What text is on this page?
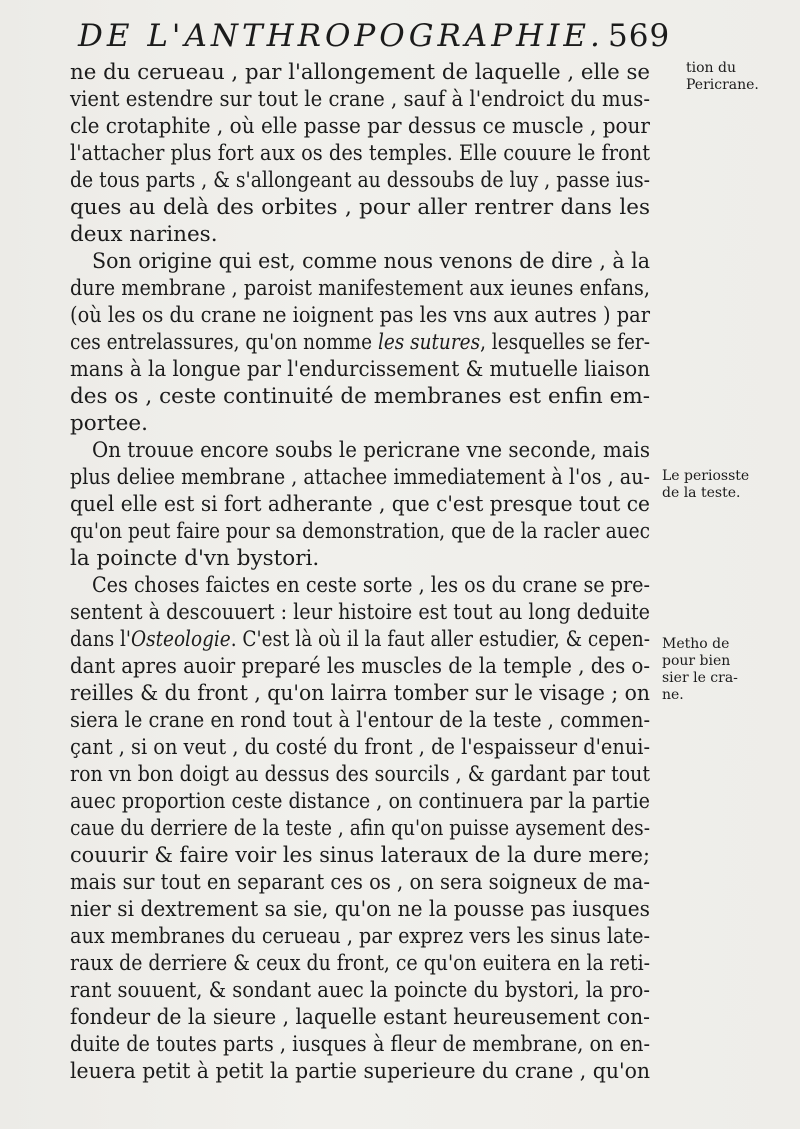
DE L'ANTHROPOGRAPHIE. 569
ne du cerueau , par l'allongement de laquelle , elle se
vient estendre sur tout le crane , sauf à l'endroict du mus-
cle crotaphite , où elle passe par dessus ce muscle , pour
l'attacher plus fort aux os des temples. Elle couure le front
de tous parts , & s'allongeant au dessoubs de luy , passe ius-
ques au delà des orbites , pour aller rentrer dans les
deux narines.
Son origine qui est, comme nous venons de dire , à la
dure membrane , paroist manifestement aux ieunes enfans,
(où les os du crane ne ioignent pas les vns aux autres ) par
ces entrelassures, qu'on nomme les sutures, lesquelles se fer-
mans à la longue par l'endurcissement & mutuelle liaison
des os , ceste continuité de membranes est enfin em-
portee.
On trouue encore soubs le pericrane vne seconde, mais
plus deliee membrane , attachee immediatement à l'os , au-
quel elle est si fort adherante , que c'est presque tout ce
qu'on peut faire pour sa demonstration, que de la racler auec
la poincte d'vn bystori.
Ces choses faictes en ceste sorte , les os du crane se pre-
sentent à descouuert : leur histoire est tout au long deduite
dans l'Osteologie. C'est là où il la faut aller estudier, & cepen-
dant apres auoir preparé les muscles de la temple , des o-
reilles & du front , qu'on lairra tomber sur le visage ; on
siera le crane en rond tout à l'entour de la teste , commen-
çant , si on veut , du costé du front , de l'espaisseur d'enui-
ron vn bon doigt au dessus des sourcils , & gardant par tout
auec proportion ceste distance , on continuera par la partie
caue du derriere de la teste , afin qu'on puisse aysement des-
couurir & faire voir les sinus lateraux de la dure mere;
mais sur tout en separant ces os , on sera soigneux de ma-
nier si dextrement sa sie, qu'on ne la pousse pas iusques
aux membranes du cerueau , par exprez vers les sinus late-
raux de derriere & ceux du front, ce qu'on euitera en la reti-
rant souuent, & sondant auec la poincte du bystori, la pro-
fondeur de la sieure , laquelle estant heureusement con-
duite de toutes parts , iusques à fleur de membrane, on en-
leuera petit à petit la partie superieure du crane , qu'on
tion du
Pericrane.
Le periosste
de la teste.
Metho de
pour bien
sier le cra-
ne.
